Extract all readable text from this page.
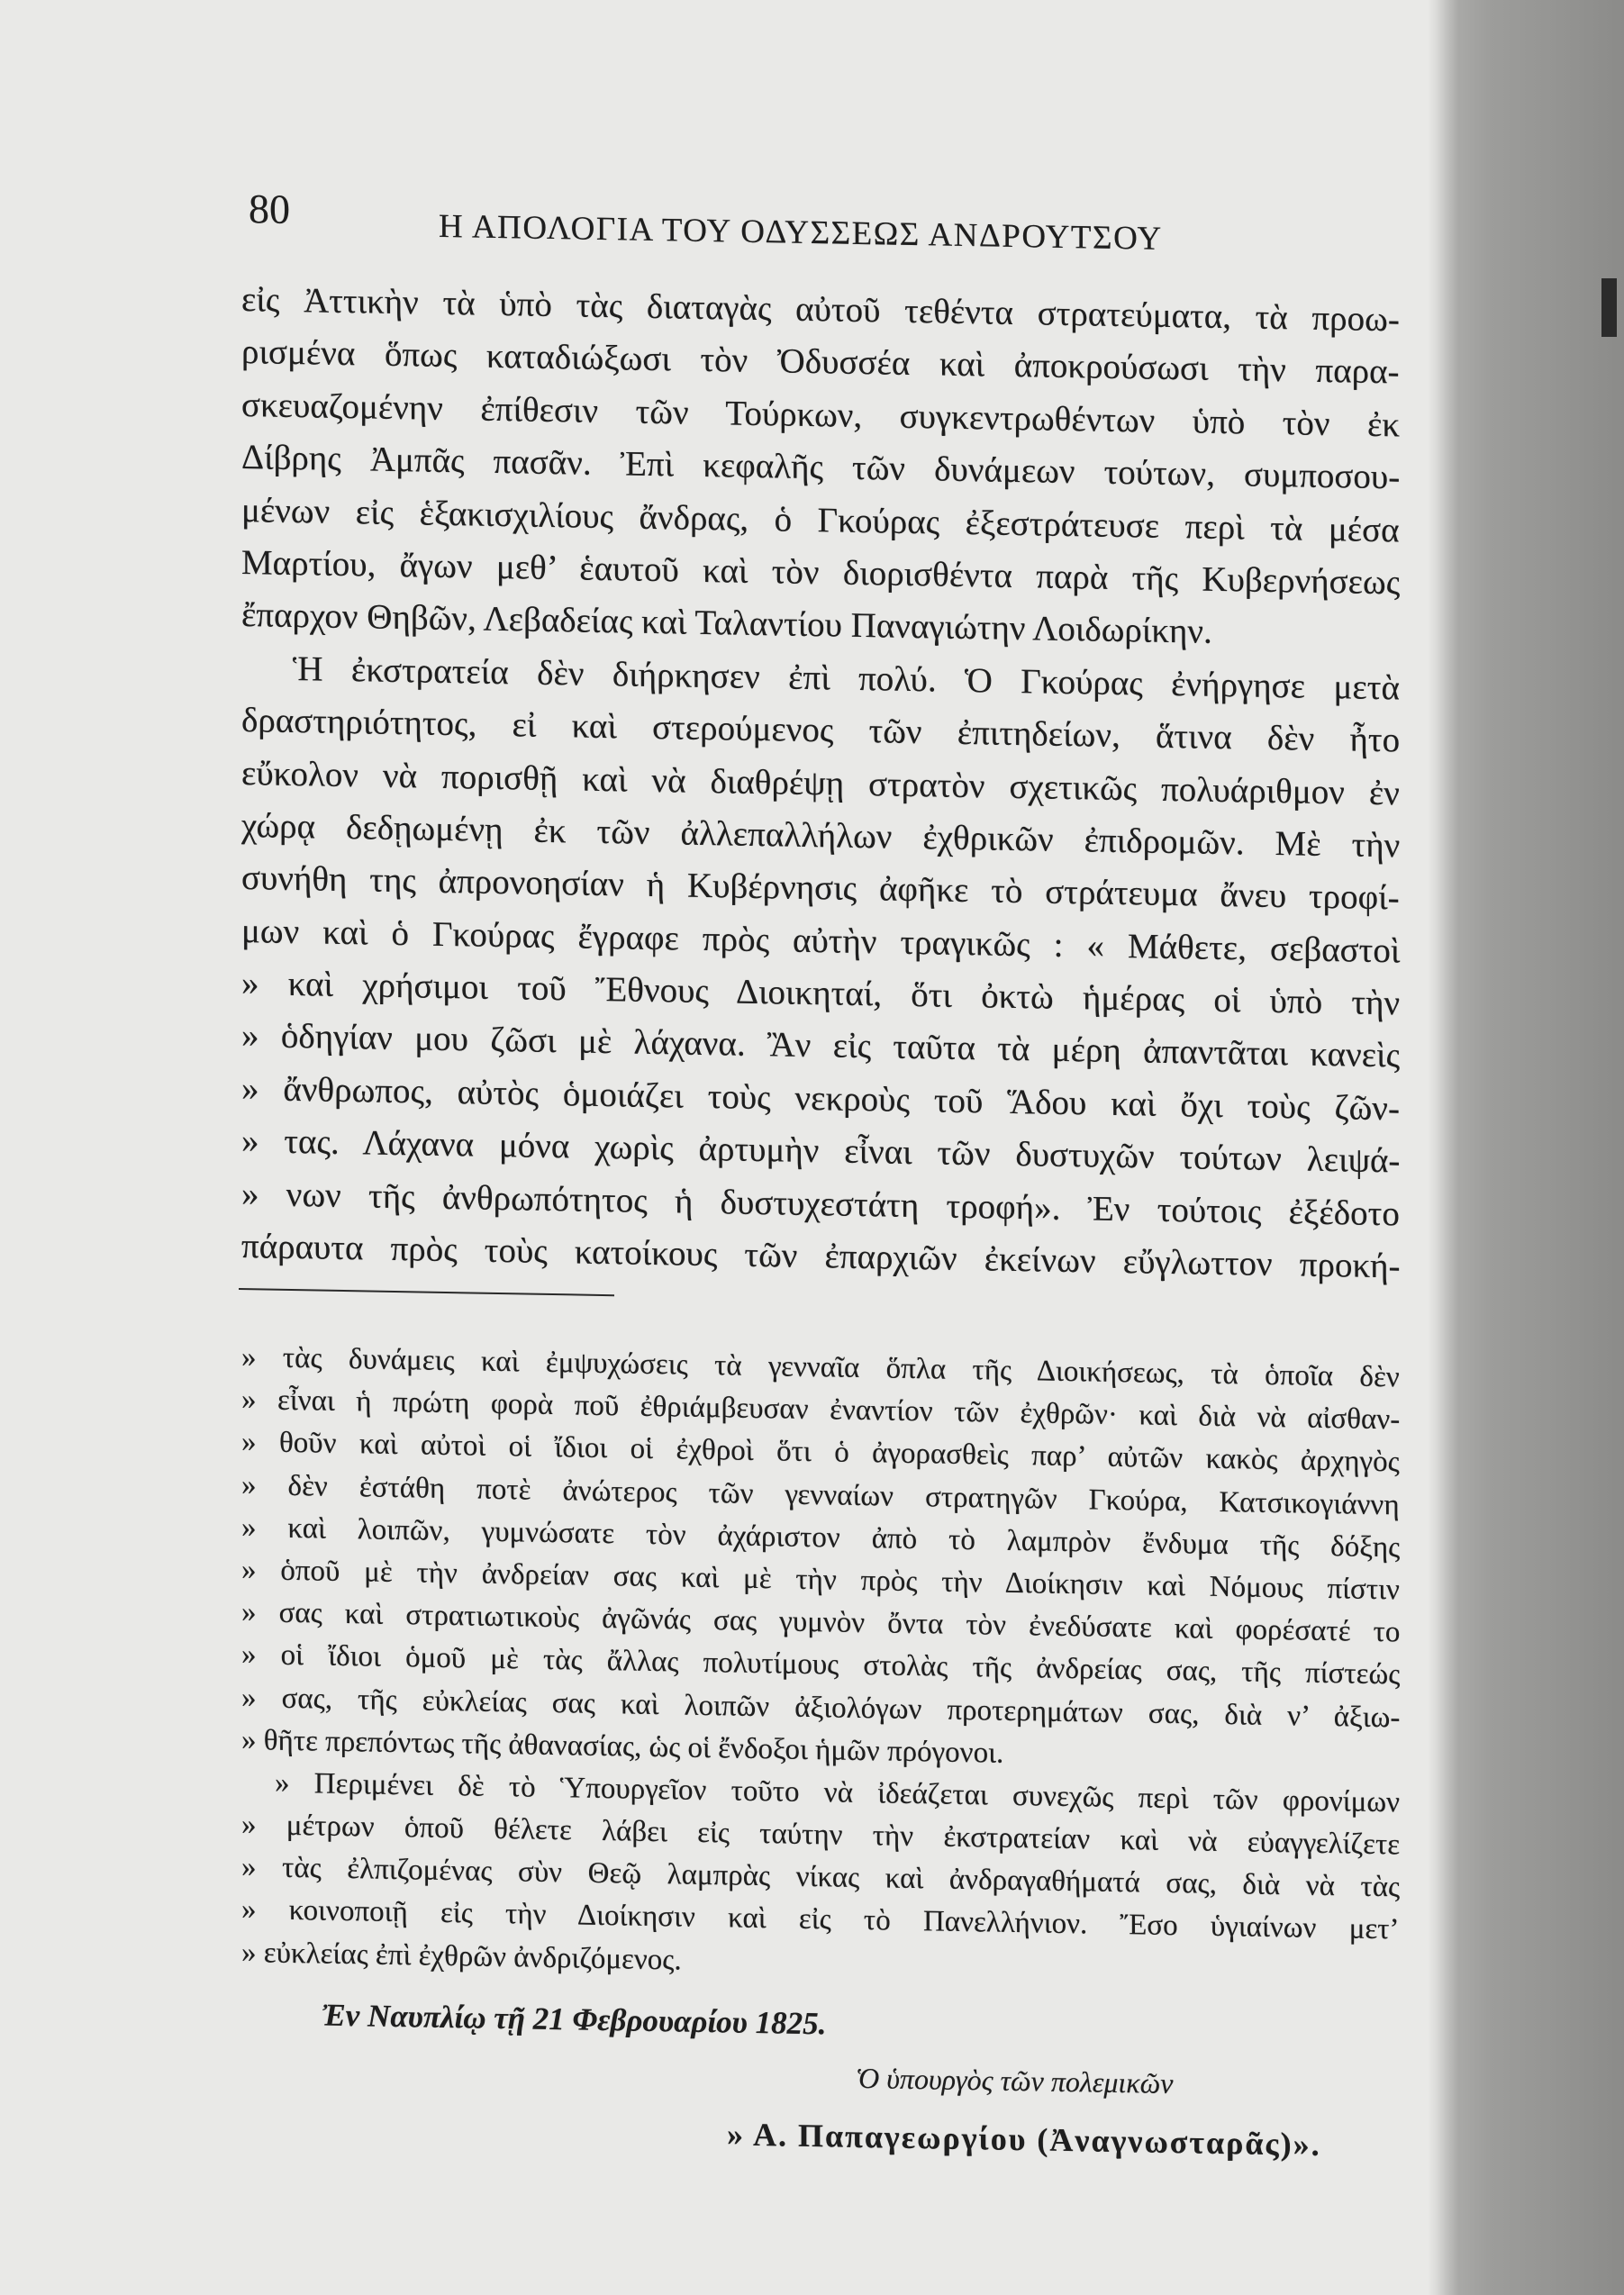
80	Η ΑΠΟΛΟΓΙΑ ΤΟΥ ΟΔΥΣΣΕΩΣ ΑΝΔΡΟΥΤΣΟΥ
εἰς Ἀττικὴν τὰ ὑπὸ τὰς διαταγὰς αὐτοῦ τεθέντα στρατεύματα, τὰ προω-
ρισμένα ὅπως καταδιώξωσι τὸν Ὀδυσσέα καὶ ἀποκρούσωσι τὴν παρα-
σκευαζομένην ἐπίθεσιν τῶν Τούρκων, συγκεντρωθέντων ὑπὸ τὸν ἐκ
Δίβρης Ἀμπᾶς πασᾶν. Ἐπὶ κεφαλῆς τῶν δυνάμεων τούτων, συμποσου-
μένων εἰς ἑξακισχιλίους ἄνδρας, ὁ Γκούρας ἐξεστράτευσε περὶ τὰ μέσα
Μαρτίου, ἄγων μεθ’ ἑαυτοῦ καὶ τὸν διορισθέντα παρὰ τῆς Κυβερνήσεως
ἔπαρχον Θηβῶν, Λεβαδείας καὶ Ταλαντίου Παναγιώτην Λοιδωρίκην.
Ἡ ἐκστρατεία δὲν διήρκησεν ἐπὶ πολύ. Ὁ Γκούρας ἐνήργησε μετὰ
δραστηριότητος, εἰ καὶ στερούμενος τῶν ἐπιτηδείων, ἅτινα δὲν ἦτο
εὔκολον νὰ πορισθῇ καὶ νὰ διαθρέψῃ στρατὸν σχετικῶς πολυάριθμον ἐν
χώρᾳ δεδῃωμένῃ ἐκ τῶν ἀλλεπαλλήλων ἐχθρικῶν ἐπιδρομῶν. Μὲ τὴν
συνήθη της ἀπρονοησίαν ἡ Κυβέρνησις ἀφῆκε τὸ στράτευμα ἄνευ τροφί-
μων καὶ ὁ Γκούρας ἔγραφε πρὸς αὐτὴν τραγικῶς : « Μάθετε, σεβαστοὶ
» καὶ χρήσιμοι τοῦ Ἔθνους Διοικηταί, ὅτι ὀκτὼ ἡμέρας οἱ ὑπὸ τὴν
» ὁδηγίαν μου ζῶσι μὲ λάχανα. Ἂν εἰς ταῦτα τὰ μέρη ἀπαντᾶται κανεὶς
» ἄνθρωπος, αὐτὸς ὁμοιάζει τοὺς νεκροὺς τοῦ Ἅδου καὶ ὄχι τοὺς ζῶν-
» τας. Λάχανα μόνα χωρὶς ἀρτυμὴν εἶναι τῶν δυστυχῶν τούτων λειψά-
» νων τῆς ἀνθρωπότητος ἡ δυστυχεστάτη τροφή». Ἐν τούτοις ἐξέδοτο
πάραυτα πρὸς τοὺς κατοίκους τῶν ἐπαρχιῶν ἐκείνων εὔγλωττον προκή-
» τὰς δυνάμεις καὶ ἐμψυχώσεις τὰ γενναῖα ὅπλα τῆς Διοικήσεως, τὰ ὁποῖα δὲν
» εἶναι ἡ πρώτη φορὰ ποῦ ἐθριάμβευσαν ἐναντίον τῶν ἐχθρῶν· καὶ διὰ νὰ αἰσθαν-
» θοῦν καὶ αὐτοὶ οἱ ἴδιοι οἱ ἐχθροὶ ὅτι ὁ ἀγορασθεὶς παρ’ αὐτῶν κακὸς ἀρχηγὸς
» δὲν ἐστάθη ποτὲ ἀνώτερος τῶν γενναίων στρατηγῶν Γκούρα, Κατσικογιάννη
» καὶ λοιπῶν, γυμνώσατε τὸν ἀχάριστον ἀπὸ τὸ λαμπρὸν ἔνδυμα τῆς δόξης
» ὁποῦ μὲ τὴν ἀνδρείαν σας καὶ μὲ τὴν πρὸς τὴν Διοίκησιν καὶ Νόμους πίστιν
» σας καὶ στρατιωτικοὺς ἀγῶνάς σας γυμνὸν ὄντα τὸν ἐνεδύσατε καὶ φορέσατέ το
» οἱ ἴδιοι ὁμοῦ μὲ τὰς ἄλλας πολυτίμους στολὰς τῆς ἀνδρείας σας, τῆς πίστεώς
» σας, τῆς εὐκλείας σας καὶ λοιπῶν ἀξιολόγων προτερημάτων σας, διὰ ν’ ἀξιω-
» θῆτε πρεπόντως τῆς ἀθανασίας, ὡς οἱ ἔνδοξοι ἡμῶν πρόγονοι.
» Περιμένει δὲ τὸ Ὑπουργεῖον τοῦτο νὰ ἰδεάζεται συνεχῶς περὶ τῶν φρονίμων
» μέτρων ὁποῦ θέλετε λάβει εἰς ταύτην τὴν ἐκστρατείαν καὶ νὰ εὐαγγελίζετε
» τὰς ἐλπιζομένας σὺν Θεῷ λαμπρὰς νίκας καὶ ἀνδραγαθήματά σας, διὰ νὰ τὰς
» κοινοποιῇ εἰς τὴν Διοίκησιν καὶ εἰς τὸ Πανελλήνιον. Ἔσο ὑγιαίνων μετ’
» εὐκλείας ἐπὶ ἐχθρῶν ἀνδριζόμενος.
Ἐν Ναυπλίῳ τῇ 21 Φεβρουαρίου 1825.
Ὁ ὑπουργὸς τῶν πολεμικῶν
» Α. Παπαγεωργίου (Ἀναγνωσταρᾶς)».
